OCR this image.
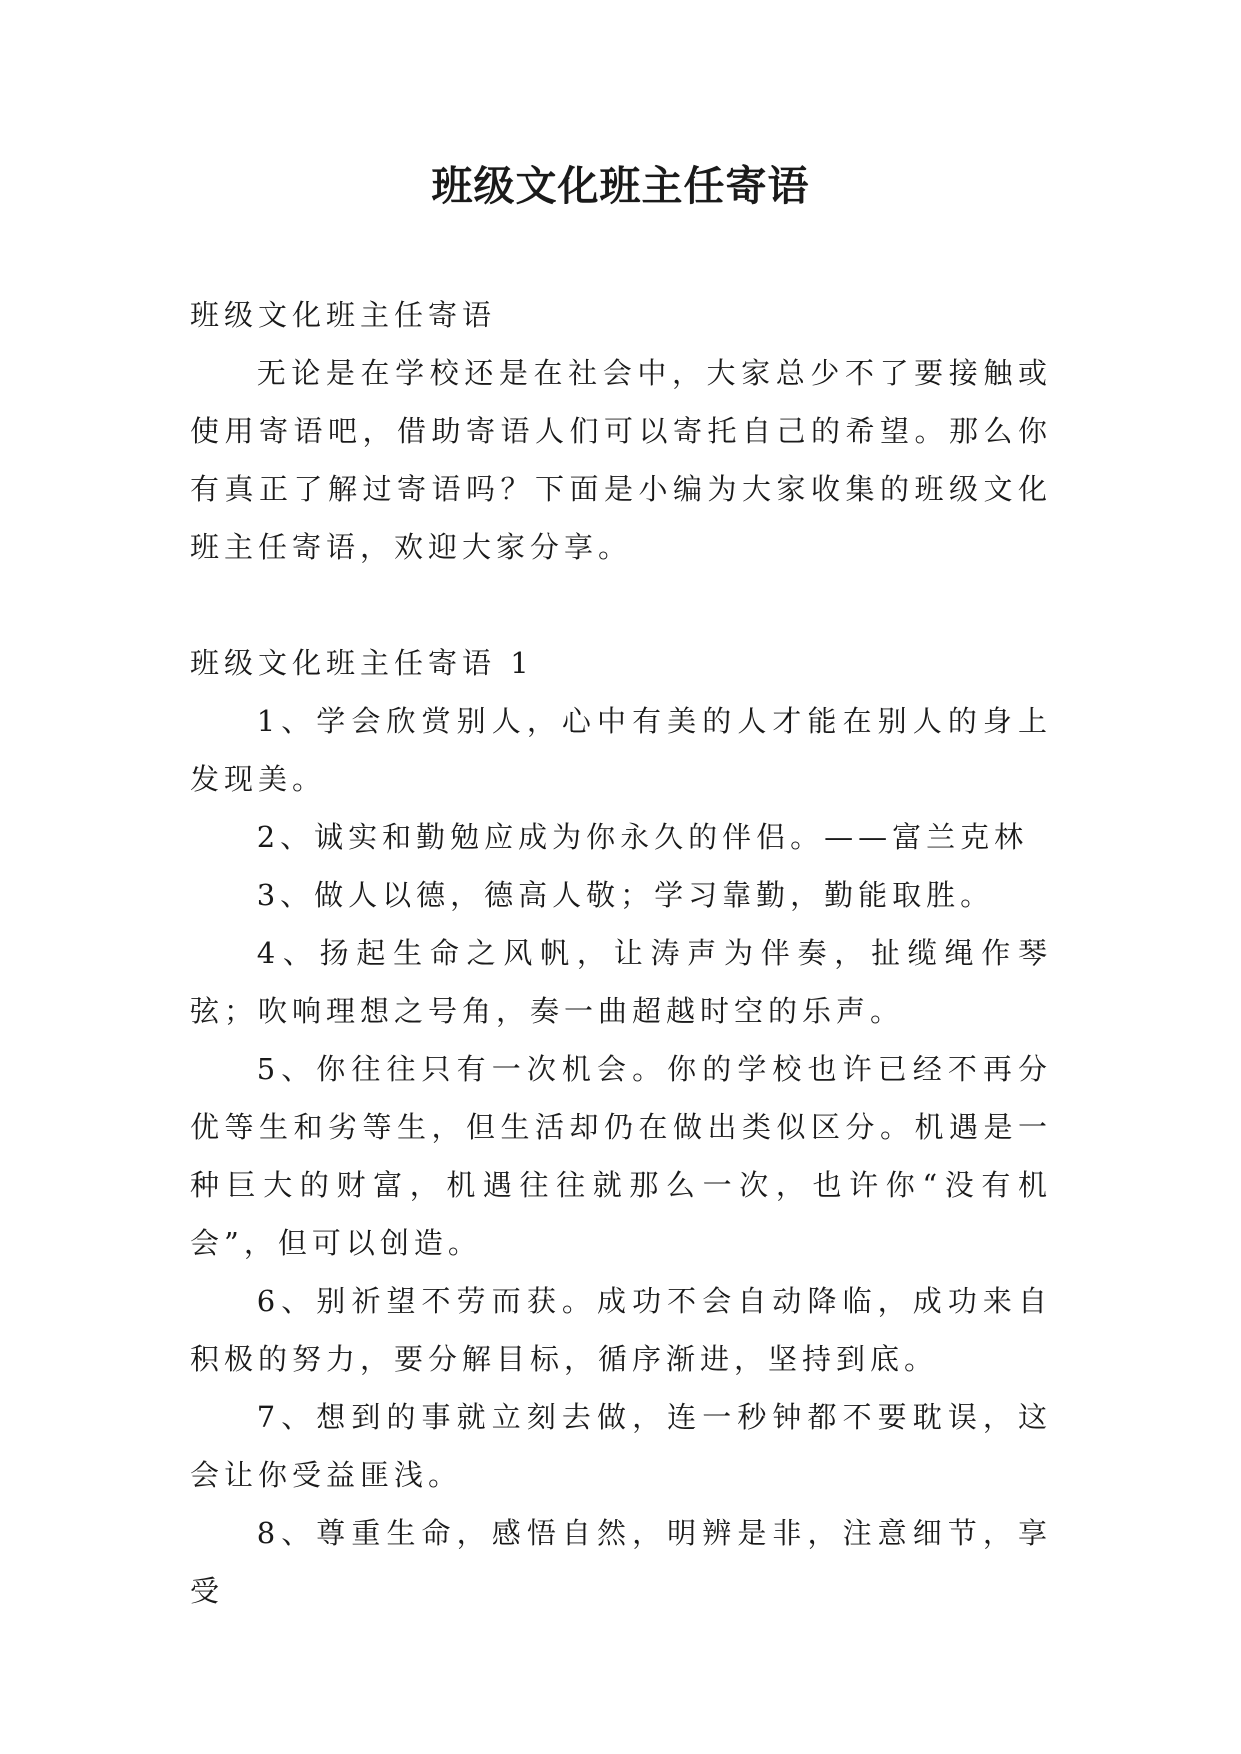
班级文化班主任寄语

班级文化班主任寄语

无论是在学校还是在社会中，大家总少不了要接触或使用寄语吧，借助寄语人们可以寄托自己的希望。那么你有真正了解过寄语吗？下面是小编为大家收集的班级文化班主任寄语，欢迎大家分享。

班级文化班主任寄语 1

1、学会欣赏别人，心中有美的人才能在别人的身上发现美。

2、诚实和勤勉应成为你永久的伴侣。——富兰克林

3、做人以德，德高人敬；学习靠勤，勤能取胜。

4、扬起生命之风帆，让涛声为伴奏，扯缆绳作琴弦；吹响理想之号角，奏一曲超越时空的乐声。

5、你往往只有一次机会。你的学校也许已经不再分优等生和劣等生，但生活却仍在做出类似区分。机遇是一种巨大的财富，机遇往往就那么一次，也许你“没有机会”，但可以创造。

6、别祈望不劳而获。成功不会自动降临，成功来自积极的努力，要分解目标，循序渐进，坚持到底。

7、想到的事就立刻去做，连一秒钟都不要耽误，这会让你受益匪浅。

8、尊重生命，感悟自然，明辨是非，注意细节，享受
